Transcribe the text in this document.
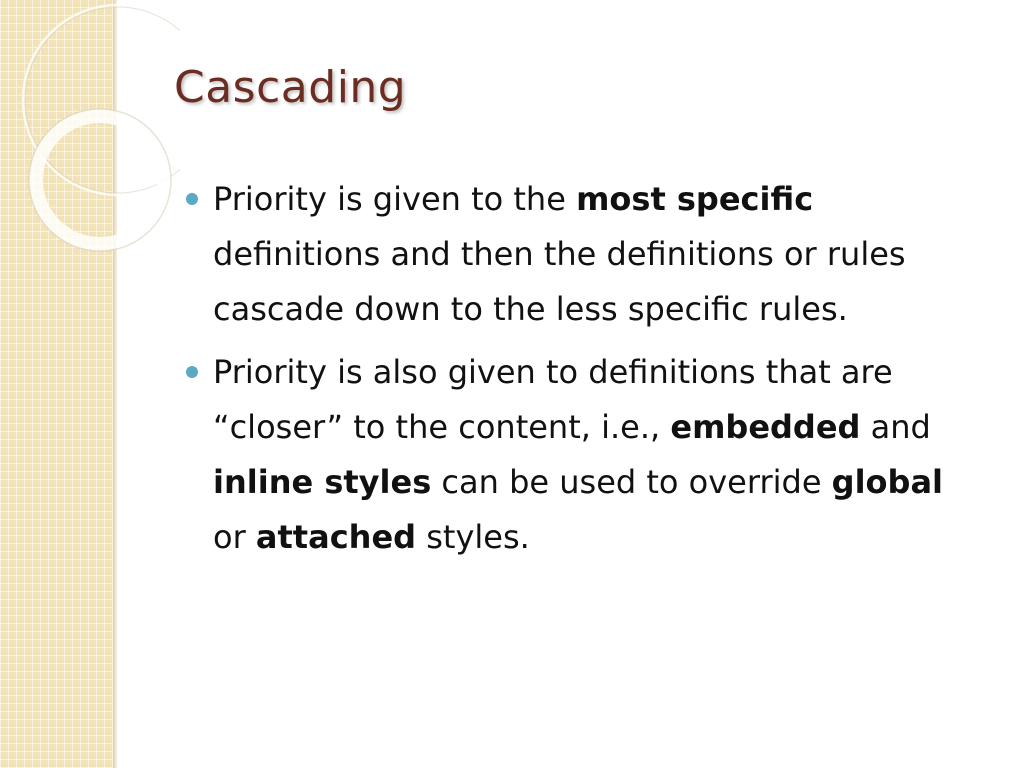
Cascading
Priority is given to the most specific definitions and then the definitions or rules cascade down to the less specific rules.
Priority is also given to definitions that are “closer” to the content, i.e., embedded and inline styles can be used to override global or attached styles.
